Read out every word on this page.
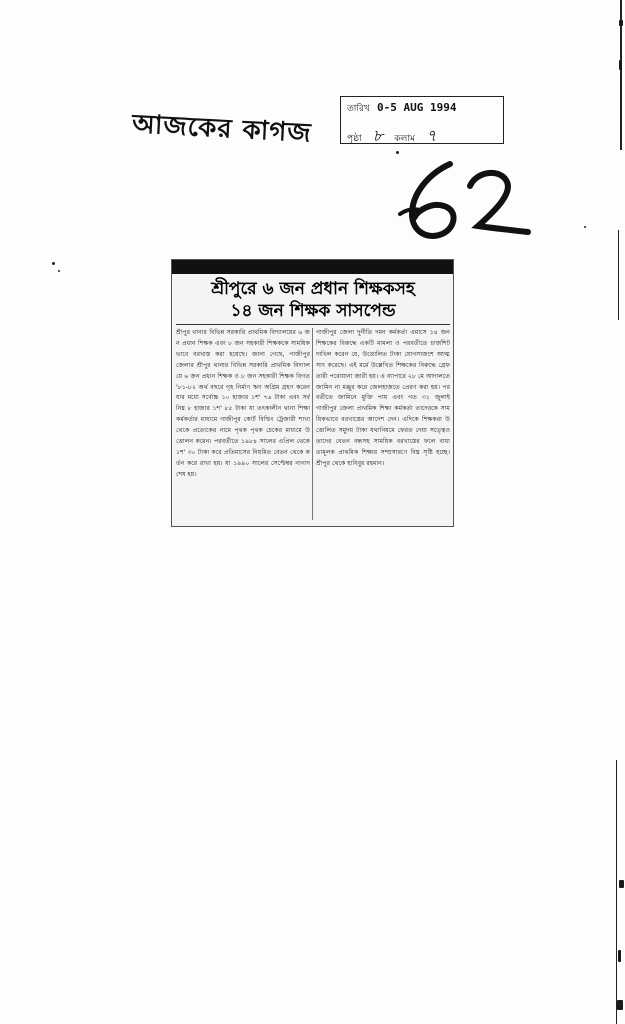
আজকের কাগজ
তারিখ 0-5 AUG 1994
পৃষ্ঠা ৮ কলাম ৭
শ্রীপুরে ৬ জন প্রধান শিক্ষকসহ
১৪ জন শিক্ষক সাসপেন্ড
শ্রীপুর থানার বিভিন্ন সরকারি প্রাথমিক বিদ্যালয়ের ৬ জন প্রধান শিক্ষক এবং ৮ জন সহকারী শিক্ষককে সাময়িকভাবে বরখাস্ত করা হয়েছে। জানা গেছে, গাজীপুর জেলার শ্রীপুর থানার বিভিন্ন সরকারি প্রাথমিক বিদ্যালয়ে ৬ জন প্রধান শিক্ষক ও ৮ জন সহকারী শিক্ষক বিগত '৮১-৮২ অর্থ বছরে গৃহ নির্মাণ ঋণ অগ্রিম গ্রহণ করেন যার মধ্যে সর্বোচ্চ ১০ হাজার ১শ' ৭৬ টাকা এবং সর্বনিম্ন ৮ হাজার ১শ' ৮৫ টাকা যা তৎকালীন থানা শিক্ষা কর্মকর্তার মাধ্যমে গাজীপুর কোর্ট বিল্ডিং ট্রেজারী শাখা থেকে প্রত্যেকের নামে পৃথক পৃথক চেকের মাধ্যমে উত্তোলন করেন। পরবর্তীতে ১৯৮৪ সালের এপ্রিল থেকে ১শ' ৩০ টাকা করে প্রতিমাসের নিয়মিত বেতন থেকে কর্তন করে রাখা হয়। যা ১৯৯০ সালের সেপ্টেম্বর নাগাদ শেষ হয়।
গাজীপুর জেলা দুর্নীতি দমন কর্মকর্তা এমাসে ১৪ জন শিক্ষকের বিরুদ্ধে একটি মামলা ও পরবর্তীতে চার্জশিট দাখিল করেন যে, উত্তোলিত টাকা যোগসাজশে আত্মসাৎ করেছে। এই মর্মে উল্লেখিত শিক্ষকের বিরুদ্ধে গ্রেফতারী পরোয়ানা জারী হয়। এ ব্যাপারে ২৮ মে আদালতে জামিন না মঞ্জুর করে জেলহাজতে প্রেরণ করা হয়। পরবর্তীতে জামিনে মুক্তি পায় এবং গত ৩১ জুলাই গাজীপুর জেলা প্রাথমিক শিক্ষা কর্মকর্তা তাদেরকে সাময়িকভাবে বরখাস্তের আদেশ দেন। এদিকে শিক্ষকরা উত্তোলিত সমুদয় টাকা যথানিয়মে ফেরত দেয়া সত্ত্বেও তাদের বেতন বন্ধসহ সাময়িক বরখাস্তের ফলে বাধ্যতামূলক প্রাথমিক শিক্ষার সম্প্রসারণে বিঘ্ন সৃষ্টি হচ্ছে। শ্রীপুর থেকে হাবিবুর রহমান।
